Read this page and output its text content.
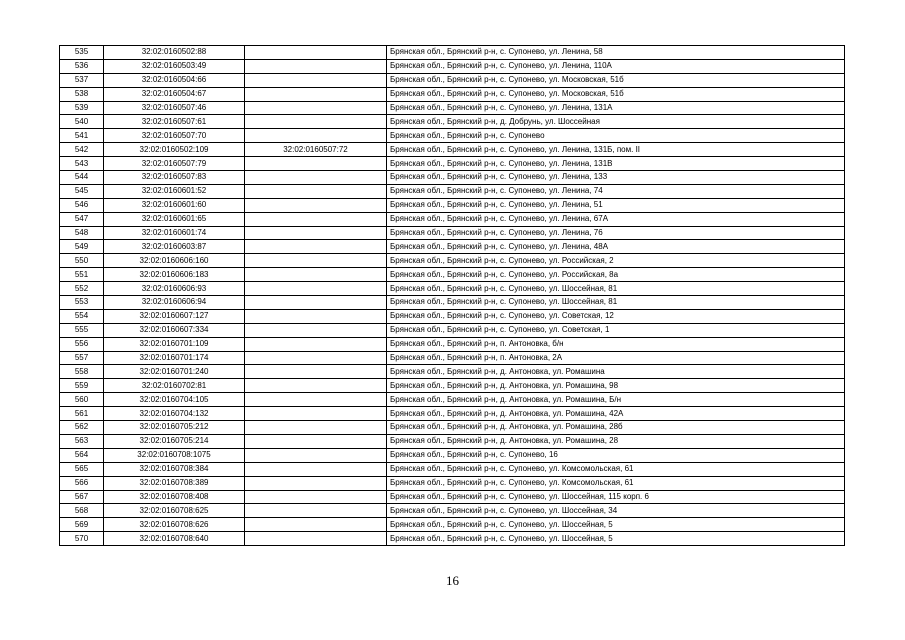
535	32:02:0160502:88		Брянская обл., Брянский р-н, с. Супонево, ул. Ленина, 58
536	32:02:0160503:49		Брянская обл., Брянский р-н, с. Супонево, ул. Ленина, 110А
537	32:02:0160504:66		Брянская обл., Брянский р-н, с. Супонево, ул. Московская, 51б
538	32:02:0160504:67		Брянская обл., Брянский р-н, с. Супонево, ул. Московская, 51б
539	32:02:0160507:46		Брянская обл., Брянский р-н, с. Супонево, ул. Ленина, 131А
540	32:02:0160507:61		Брянская обл., Брянский р-н, д. Добрунь, ул. Шоссейная
541	32:02:0160507:70		Брянская обл., Брянский р-н, с. Супонево
542	32:02:0160502:109	32:02:0160507:72	Брянская обл., Брянский р-н, с. Супонево, ул. Ленина, 131Б, пом. II
543	32:02:0160507:79		Брянская обл., Брянский р-н, с. Супонево, ул. Ленина, 131В
544	32:02:0160507:83		Брянская обл., Брянский р-н, с. Супонево, ул. Ленина, 133
545	32:02:0160601:52		Брянская обл., Брянский р-н, с. Супонево, ул. Ленина, 74
546	32:02:0160601:60		Брянская обл., Брянский р-н, с. Супонево, ул. Ленина, 51
547	32:02:0160601:65		Брянская обл., Брянский р-н, с. Супонево, ул. Ленина, 67А
548	32:02:0160601:74		Брянская обл., Брянский р-н, с. Супонево, ул. Ленина, 76
549	32:02:0160603:87		Брянская обл., Брянский р-н, с. Супонево, ул. Ленина, 48А
550	32:02:0160606:160		Брянская обл., Брянский р-н, с. Супонево, ул. Российская, 2
551	32:02:0160606:183		Брянская обл., Брянский р-н, с. Супонево, ул. Российская, 8а
552	32:02:0160606:93		Брянская обл., Брянский р-н, с. Супонево, ул. Шоссейная, 81
553	32:02:0160606:94		Брянская обл., Брянский р-н, с. Супонево, ул. Шоссейная, 81
554	32:02:0160607:127		Брянская обл., Брянский р-н, с. Супонево, ул. Советская, 12
555	32:02:0160607:334		Брянская обл., Брянский р-н, с. Супонево, ул. Советская, 1
556	32:02:0160701:109		Брянская обл., Брянский р-н, п. Антоновка, б/н
557	32:02:0160701:174		Брянская обл., Брянский р-н, п. Антоновка, 2А
558	32:02:0160701:240		Брянская обл., Брянский р-н, д. Антоновка, ул. Ромашина
559	32:02:0160702:81		Брянская обл., Брянский р-н, д. Антоновка, ул. Ромашина, 98
560	32:02:0160704:105		Брянская обл., Брянский р-н, д. Антоновка, ул. Ромашина, Б/н
561	32:02:0160704:132		Брянская обл., Брянский р-н, д. Антоновка, ул. Ромашина, 42А
562	32:02:0160705:212		Брянская обл., Брянский р-н, д. Антоновка, ул. Ромашина, 28б
563	32:02:0160705:214		Брянская обл., Брянский р-н, д. Антоновка, ул. Ромашина, 28
564	32:02:0160708:1075		Брянская обл., Брянский р-н, с. Супонево, 16
565	32:02:0160708:384		Брянская обл., Брянский р-н, с. Супонево, ул. Комсомольская, 61
566	32:02:0160708:389		Брянская обл., Брянский р-н, с. Супонево, ул. Комсомольская, 61
567	32:02:0160708:408		Брянская обл., Брянский р-н, с. Супонево, ул. Шоссейная, 115 корп. 6
568	32:02:0160708:625		Брянская обл., Брянский р-н, с. Супонево, ул. Шоссейная, 34
569	32:02:0160708:626		Брянская обл., Брянский р-н, с. Супонево, ул. Шоссейная, 5
570	32:02:0160708:640		Брянская обл., Брянский р-н, с. Супонево, ул. Шоссейная, 5
16
